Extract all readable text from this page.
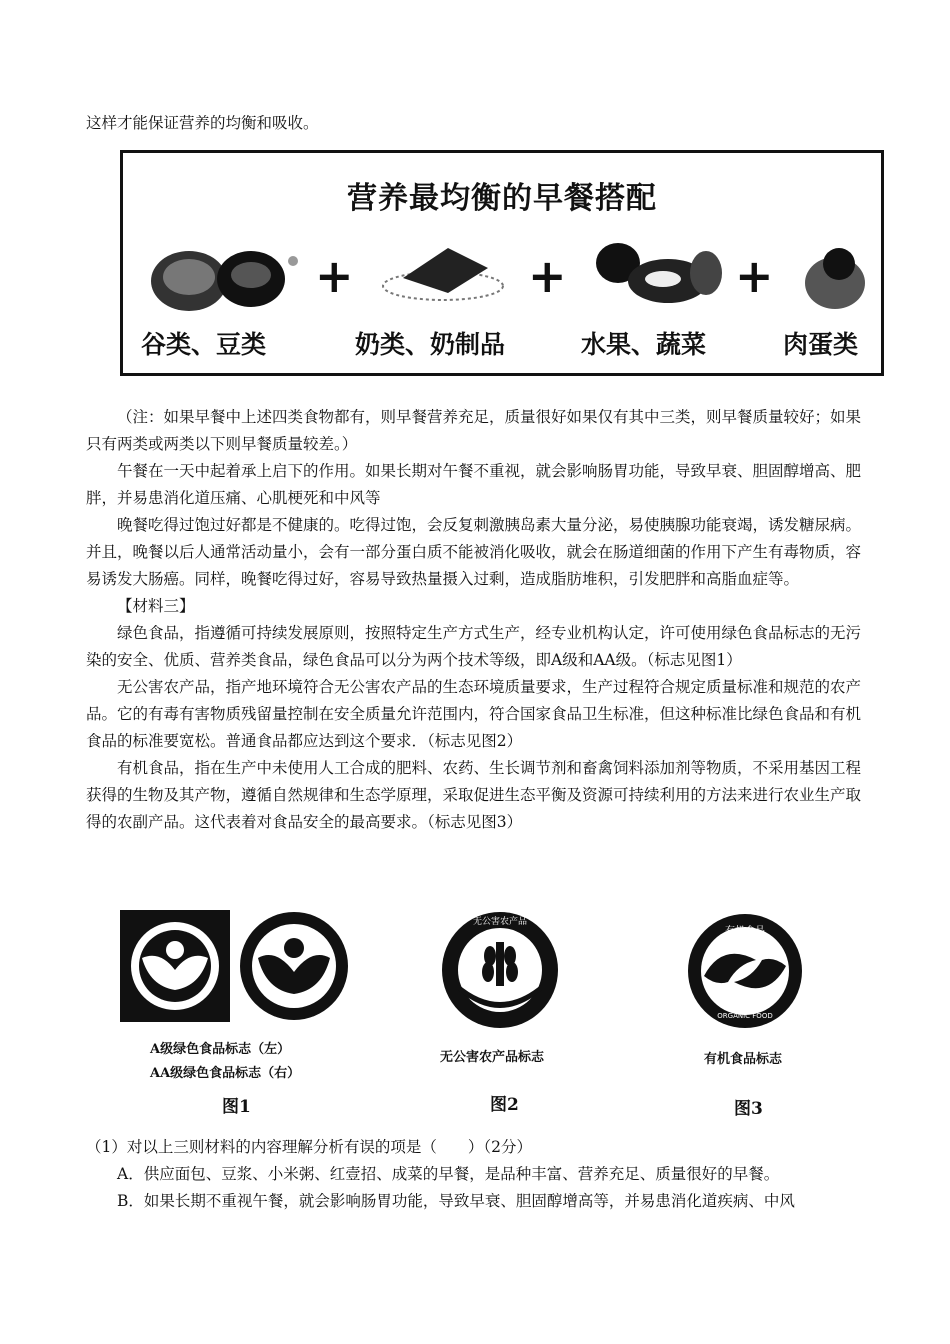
这样才能保证营养的均衡和吸收。

营养最均衡的早餐搭配
+	+	+
谷类、豆类	奶类、奶制品	水果、蔬菜	肉蛋类

（注：如果早餐中上述四类食物都有，则早餐营养充足，质量很好如果仅有其中三类，则早餐质量较好；如果只有两类或两类以下则早餐质量较差。）

午餐在一天中起着承上启下的作用。如果长期对午餐不重视，就会影响肠胃功能，导致早衰、胆固醇增高、肥胖，并易患消化道压痛、心肌梗死和中风等

晚餐吃得过饱过好都是不健康的。吃得过饱，会反复刺激胰岛素大量分泌，易使胰腺功能衰竭，诱发糖尿病。并且，晚餐以后人通常活动量小，会有一部分蛋白质不能被消化吸收，就会在肠道细菌的作用下产生有毒物质，容易诱发大肠癌。同样，晚餐吃得过好，容易导致热量摄入过剩，造成脂肪堆积，引发肥胖和高脂血症等。

【材料三】

绿色食品，指遵循可持续发展原则，按照特定生产方式生产，经专业机构认定，许可使用绿色食品标志的无污染的安全、优质、营养类食品，绿色食品可以分为两个技术等级，即A级和AA级。（标志见图1）

无公害农产品，指产地环境符合无公害农产品的生态环境质量要求，生产过程符合规定质量标准和规范的农产品。它的有毒有害物质残留量控制在安全质量允许范围内，符合国家食品卫生标准，但这种标准比绿色食品和有机食品的标准要宽松。普通食品都应达到这个要求．（标志见图2）

有机食品，指在生产中未使用人工合成的肥料、农药、生长调节剂和畜禽饲料添加剂等物质，不采用基因工程获得的生物及其产物，遵循自然规律和生态学原理，采取促进生态平衡及资源可持续利用的方法来进行农业生产取得的农副产品。这代表着对食品安全的最高要求。（标志见图3）

A级绿色食品标志（左）
AA级绿色食品标志（右）
图1
无公害农产品
无公害农产品标志
图2
有机食品
ORGANIC FOOD
有机食品标志
图3

（1）对以上三则材料的内容理解分析有误的项是（　　）（2分）

A．供应面包、豆浆、小米粥、红壹招、成菜的早餐，是品种丰富、营养充足、质量很好的早餐。

B．如果长期不重视午餐，就会影响肠胃功能，导致早衰、胆固醇增高等，并易患消化道疾病、中风
